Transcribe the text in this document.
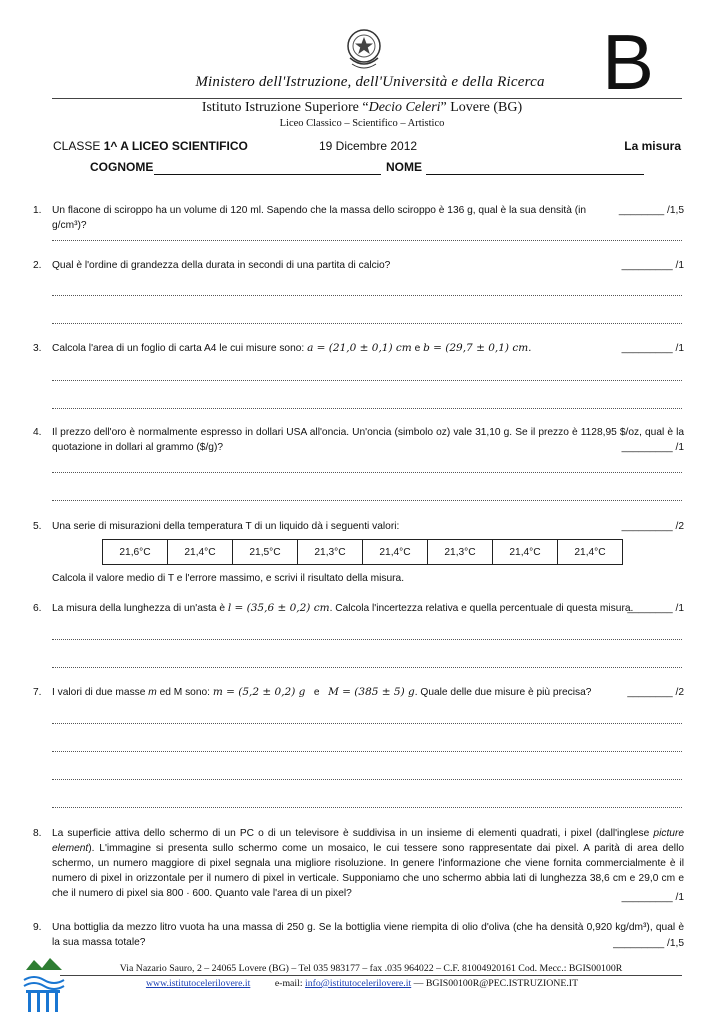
Ministero dell'Istruzione, dell'Università e della Ricerca B
Istituto Istruzione Superiore “Decio Celeri” Lovere (BG)
Liceo Classico – Scientifico – Artistico
CLASSE 1^ A LICEO SCIENTIFICO	19 Dicembre 2012	La misura
COGNOME	NOME
1. Un flacone di sciroppo ha un volume di 120 ml. Sapendo che la massa dello sciroppo è 136 g, qual è la sua densità (in g/cm³)?
________ /1,5
2. Qual è l'ordine di grandezza della durata in secondi di una partita di calcio?	_________ /1
3. Calcola l'area di un foglio di carta A4 le cui misure sono: a = (21,0 ± 0,1) cm e b = (29,7 ± 0,1) cm.	_________ /1
4. Il prezzo dell'oro è normalmente espresso in dollari USA all'oncia. Un'oncia (simbolo oz) vale 31,10 g. Se il prezzo è 1128,95 $/oz, qual è la quotazione in dollari al grammo ($/g)?	_________ /1
5. Una serie di misurazioni della temperatura T di un liquido dà i seguenti valori:	_________ /2
21,6°C	21,4°C	21,5°C	21,3°C	21,4°C	21,3°C	21,4°C	21,4°C
Calcola il valore medio di T e l'errore massimo, e scrivi il risultato della misura.
6. La misura della lunghezza di un'asta è l = (35,6 ± 0,2) cm. Calcola l'incertezza relativa e quella percentuale di questa misura.
________ /1
7. I valori di due masse m ed M sono: m = (5,2 ± 0,2) g e M = (385 ± 5) g. Quale delle due misure è più precisa?	________ /2
8. La superficie attiva dello schermo di un PC o di un televisore è suddivisa in un insieme di elementi quadrati, i pixel (dall'inglese picture element). L'immagine si presenta sullo schermo come un mosaico, le cui tessere sono rappresentate dai pixel. A parità di area dello schermo, un numero maggiore di pixel segnala una migliore risoluzione. In genere l'informazione che viene fornita commercialmente è il numero di pixel in orizzontale per il numero di pixel in verticale. Supponiamo che uno schermo abbia lati di lunghezza 38,6 cm e 29,0 cm e che il numero di pixel sia 800 · 600. Quanto vale l'area di un pixel?	_________ /1
9. Una bottiglia da mezzo litro vuota ha una massa di 250 g. Se la bottiglia viene riempita di olio d'oliva (che ha densità 0,920 kg/dm³), qual è la sua massa totale?	_________ /1,5
Via Nazario Sauro, 2 – 24065 Lovere (BG) – Tel 035 983177 – fax .035 964022 – C.F. 81004920161 Cod. Mecc.: BGIS00100R
www.istitutocelerilovere.it	e-mail: info@istitutocelerilovere.it — BGIS00100R@PEC.ISTRUZIONE.IT
